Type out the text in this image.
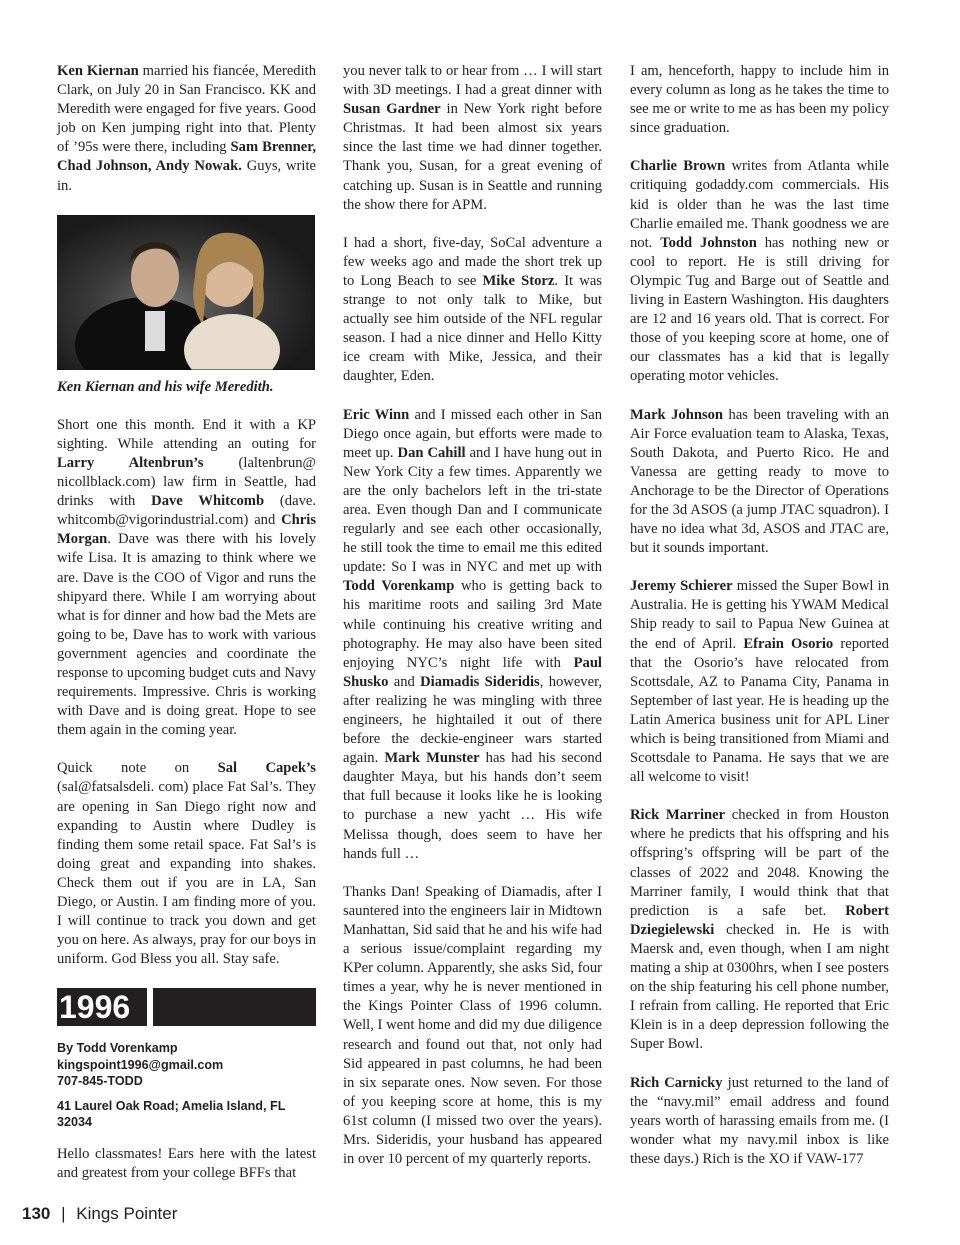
Ken Kiernan married his fiancée, Meredith Clark, on July 20 in San Francisco. KK and Meredith were engaged for five years. Good job on Ken jumping right into that. Plenty of ’95s were there, including Sam Brenner, Chad Johnson, Andy Nowak. Guys, write in.

Ken Kiernan and his wife Meredith.

Short one this month. End it with a KP sighting. While attending an outing for Larry Altenbrun’s (laltenbrun@ nicollblack.com) law firm in Seattle, had drinks with Dave Whitcomb (dave. whitcomb@vigorindustrial.com) and Chris Morgan. Dave was there with his lovely wife Lisa. It is amazing to think where we are. Dave is the COO of Vigor and runs the shipyard there. While I am worrying about what is for dinner and how bad the Mets are going to be, Dave has to work with various government agencies and coordinate the response to upcoming budget cuts and Navy requirements. Impressive. Chris is working with Dave and is doing great. Hope to see them again in the coming year.

Quick note on Sal Capek’s (sal@fatsalsdeli. com) place Fat Sal’s. They are opening in San Diego right now and expanding to Austin where Dudley is finding them some retail space. Fat Sal’s is doing great and expanding into shakes. Check them out if you are in LA, San Diego, or Austin. I am finding more of you. I will continue to track you down and get you on here. As always, pray for our boys in uniform. God Bless you all. Stay safe.

1996
By Todd Vorenkamp
kingspoint1996@gmail.com
707-845-TODD
41 Laurel Oak Road; Amelia Island, FL 32034

Hello classmates! Ears here with the latest and greatest from your college BFFs that

you never talk to or hear from … I will start with 3D meetings. I had a great dinner with Susan Gardner in New York right before Christmas. It had been almost six years since the last time we had dinner together. Thank you, Susan, for a great evening of catching up. Susan is in Seattle and running the show there for APM.

I had a short, five-day, SoCal adventure a few weeks ago and made the short trek up to Long Beach to see Mike Storz. It was strange to not only talk to Mike, but actually see him outside of the NFL regular season. I had a nice dinner and Hello Kitty ice cream with Mike, Jessica, and their daughter, Eden.

Eric Winn and I missed each other in San Diego once again, but efforts were made to meet up. Dan Cahill and I have hung out in New York City a few times. Apparently we are the only bachelors left in the tri-state area. Even though Dan and I communicate regularly and see each other occasionally, he still took the time to email me this edited update: So I was in NYC and met up with Todd Vorenkamp who is getting back to his maritime roots and sailing 3rd Mate while continuing his creative writing and photography. He may also have been sited enjoying NYC’s night life with Paul Shusko and Diamadis Sideridis, however, after realizing he was mingling with three engineers, he hightailed it out of there before the deckie-engineer wars started again. Mark Munster has had his second daughter Maya, but his hands don’t seem that full because it looks like he is looking to purchase a new yacht … His wife Melissa though, does seem to have her hands full …

Thanks Dan! Speaking of Diamadis, after I sauntered into the engineers lair in Midtown Manhattan, Sid said that he and his wife had a serious issue/complaint regarding my KPer column. Apparently, she asks Sid, four times a year, why he is never mentioned in the Kings Pointer Class of 1996 column. Well, I went home and did my due diligence research and found out that, not only had Sid appeared in past columns, he had been in six separate ones. Now seven. For those of you keeping score at home, this is my 61st column (I missed two over the years). Mrs. Sideridis, your husband has appeared in over 10 percent of my quarterly reports.

I am, henceforth, happy to include him in every column as long as he takes the time to see me or write to me as has been my policy since graduation.

Charlie Brown writes from Atlanta while critiquing godaddy.com commercials. His kid is older than he was the last time Charlie emailed me. Thank goodness we are not. Todd Johnston has nothing new or cool to report. He is still driving for Olympic Tug and Barge out of Seattle and living in Eastern Washington. His daughters are 12 and 16 years old. That is correct. For those of you keeping score at home, one of our classmates has a kid that is legally operating motor vehicles.

Mark Johnson has been traveling with an Air Force evaluation team to Alaska, Texas, South Dakota, and Puerto Rico. He and Vanessa are getting ready to move to Anchorage to be the Director of Operations for the 3d ASOS (a jump JTAC squadron). I have no idea what 3d, ASOS and JTAC are, but it sounds important.

Jeremy Schierer missed the Super Bowl in Australia. He is getting his YWAM Medical Ship ready to sail to Papua New Guinea at the end of April. Efrain Osorio reported that the Osorio’s have relocated from Scottsdale, AZ to Panama City, Panama in September of last year. He is heading up the Latin America business unit for APL Liner which is being transitioned from Miami and Scottsdale to Panama. He says that we are all welcome to visit!

Rick Marriner checked in from Houston where he predicts that his offspring and his offspring’s offspring will be part of the classes of 2022 and 2048. Knowing the Marriner family, I would think that that prediction is a safe bet. Robert Dziegielewski checked in. He is with Maersk and, even though, when I am night mating a ship at 0300hrs, when I see posters on the ship featuring his cell phone number, I refrain from calling. He reported that Eric Klein is in a deep depression following the Super Bowl.

Rich Carnicky just returned to the land of the “navy.mil” email address and found years worth of harassing emails from me. (I wonder what my navy.mil inbox is like these days.) Rich is the XO if VAW-177

130 | Kings Pointer
